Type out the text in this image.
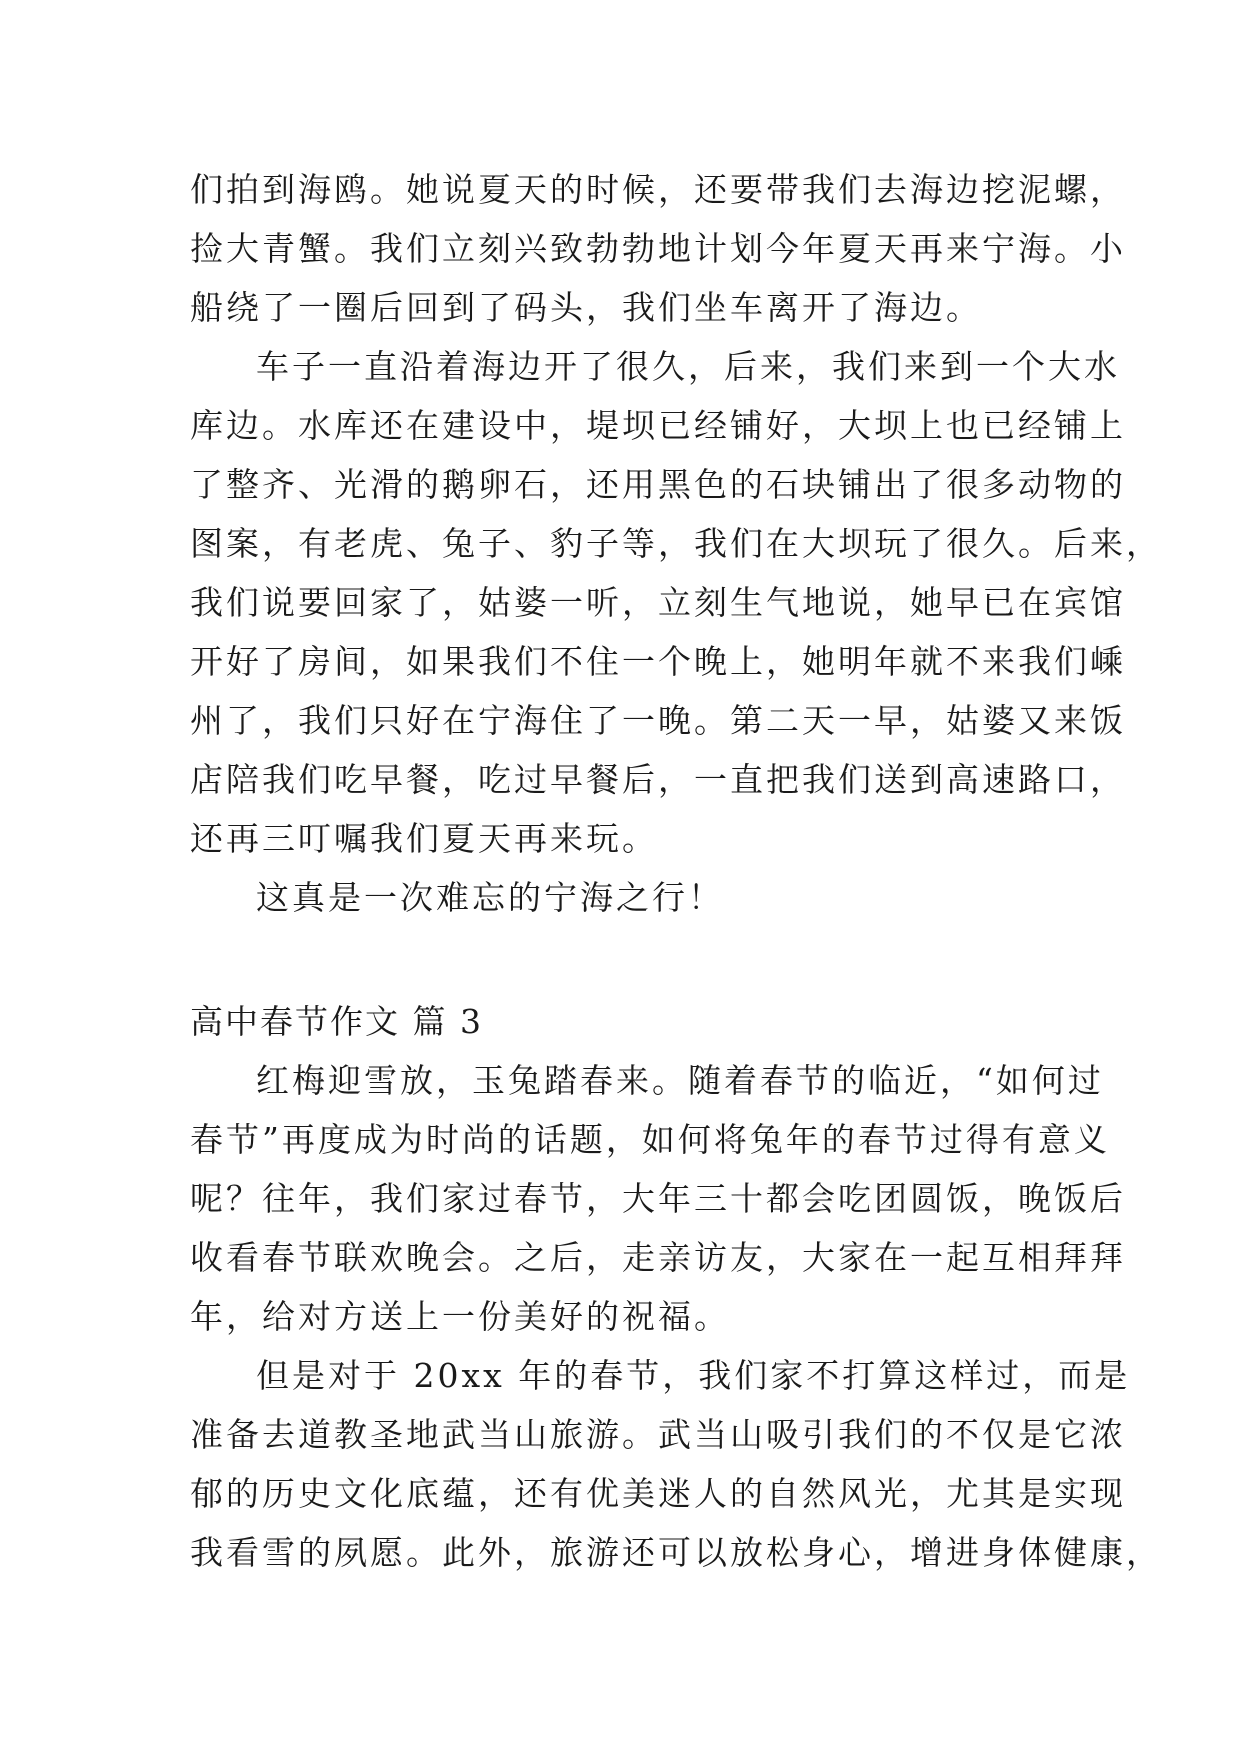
们拍到海鸥。她说夏天的时候，还要带我们去海边挖泥螺，
捡大青蟹。我们立刻兴致勃勃地计划今年夏天再来宁海。小
船绕了一圈后回到了码头，我们坐车离开了海边。
车子一直沿着海边开了很久，后来，我们来到一个大水
库边。水库还在建设中，堤坝已经铺好，大坝上也已经铺上
了整齐、光滑的鹅卵石，还用黑色的石块铺出了很多动物的
图案，有老虎、兔子、豹子等，我们在大坝玩了很久。后来，
我们说要回家了，姑婆一听，立刻生气地说，她早已在宾馆
开好了房间，如果我们不住一个晚上，她明年就不来我们嵊
州了，我们只好在宁海住了一晚。第二天一早，姑婆又来饭
店陪我们吃早餐，吃过早餐后，一直把我们送到高速路口，
还再三叮嘱我们夏天再来玩。
这真是一次难忘的宁海之行！
高中春节作文 篇 3
红梅迎雪放，玉兔踏春来。随着春节的临近，“如何过
春节”再度成为时尚的话题，如何将兔年的春节过得有意义
呢？往年，我们家过春节，大年三十都会吃团圆饭，晚饭后
收看春节联欢晚会。之后，走亲访友，大家在一起互相拜拜
年，给对方送上一份美好的祝福。
但是对于 20xx 年的春节，我们家不打算这样过，而是
准备去道教圣地武当山旅游。武当山吸引我们的不仅是它浓
郁的历史文化底蕴，还有优美迷人的自然风光，尤其是实现
我看雪的夙愿。此外，旅游还可以放松身心，增进身体健康，
